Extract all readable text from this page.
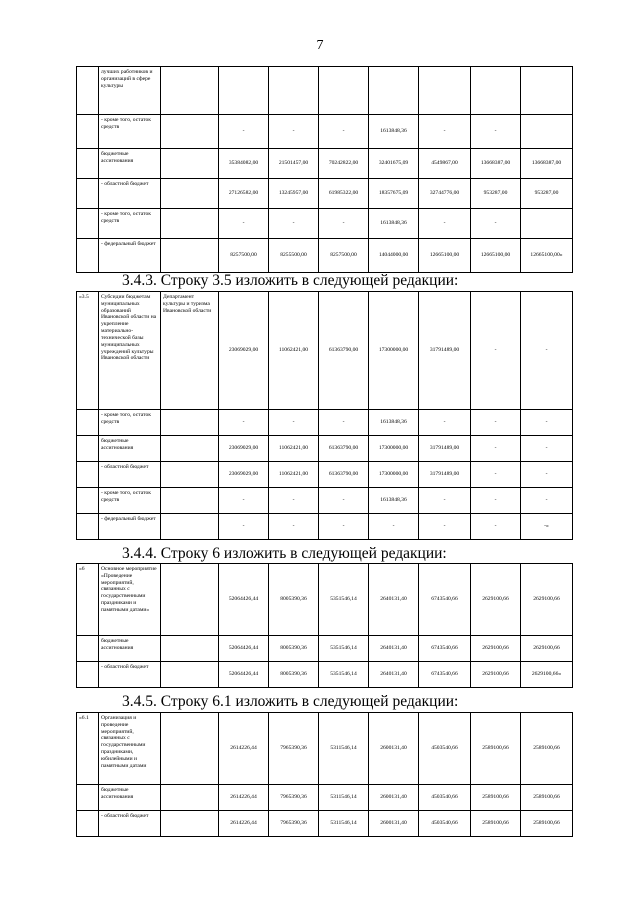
7
	лучших работников и организаций в сфере культуры								
	- кроме того, остаток средств		-	-	-	1613848,36	-	-	
	бюджетные ассигнования		35384082,00	21501457,00	70242822,00	32401675,09	4549867,00	13668387,00	13668387,00
	- областной бюджет		27126582,00	13245957,00	61985322,00	18357675,09	32744776,00	953287,00	953287,00
	- кроме того, остаток средств		-	-	-	1613848,36	-	-	
	- федеральный бюджет		8257500,00	8255500,00	8257500,00	14044000,00	12665100,00	12665100,00	12665100,00»
3.4.3. Строку 3.5 изложить в следующей редакции:
«3.5	Субсидии бюджетам муниципальных образований Ивановской области на укрепление материально-технической базы муниципальных учреждений культуры Ивановской области	Департамент культуры и туризма Ивановской области	23069029,00	11062421,00	61363790,00	17300000,00	31791489,00	-	-
	- кроме того, остаток средств		-	-	-	1613848,36	-	-	-
	бюджетные ассигнования		23069029,00	11062421,00	61363790,00	17300000,00	31791489,00	-	-
	- областной бюджет		23069029,00	11062421,00	61363790,00	17300000,00	31791489,00	-	-
	- кроме того, остаток средств		-	-	-	1613848,36	-	-	-
	- федеральный бюджет		-	-	-	-	-	-	-»
3.4.4. Строку 6 изложить в следующей редакции:
«6	Основное мероприятие «Проведение мероприятий, связанных с государственными праздниками и памятными датами»		52064426,44	8005390,36	5351546,14	2640131,40	6743540,66	2629100,66	2629100,66
	бюджетные ассигнования		52064426,44	8005390,36	5351546,14	2640131,40	6743540,66	2629100,66	2629100,66
	- областной бюджет		52064426,44	8005390,36	5351546,14	2640131,40	6743540,66	2629100,66	2629100,66»
3.4.5. Строку 6.1 изложить в следующей редакции:
«6.1	Организация и проведение мероприятий, связанных с государственными праздниками, юбилейными и памятными датами		2614226,44	7965390,36	5311546,14	2600131,40	4503540,66	2589100,66	2589100,66
	бюджетные ассигнования		2614226,44	7965390,36	5311546,14	2600131,40	4503540,66	2589100,66	2589100,66
	- областной бюджет		2614226,44	7965390,36	5311546,14	2600131,40	4503540,66	2589100,66	2589100,66
